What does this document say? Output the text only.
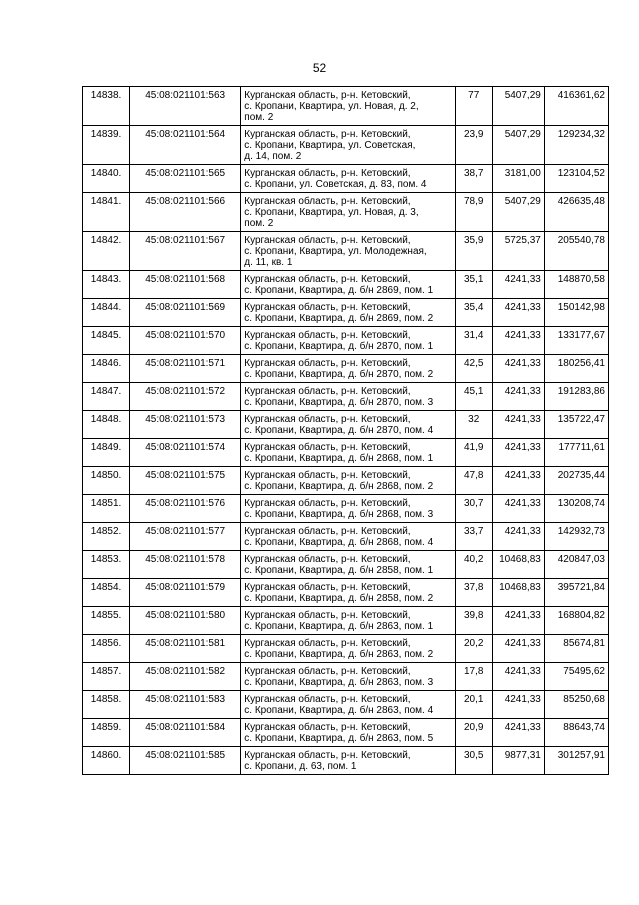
52
14838.	45:08:021101:563	Курганская область, р-н. Кетовский,
с. Кропани, Квартира, ул. Новая, д. 2,
пом. 2	77	5407,29	416361,62
14839.	45:08:021101:564	Курганская область, р-н. Кетовский,
с. Кропани, Квартира, ул. Советская,
д. 14, пом. 2	23,9	5407,29	129234,32
14840.	45:08:021101:565	Курганская область, р-н. Кетовский,
с. Кропани, ул. Советская, д. 83, пом. 4	38,7	3181,00	123104,52
14841.	45:08:021101:566	Курганская область, р-н. Кетовский,
с. Кропани, Квартира, ул. Новая, д. 3,
пом. 2	78,9	5407,29	426635,48
14842.	45:08:021101:567	Курганская область, р-н. Кетовский,
с. Кропани, Квартира, ул. Молодежная,
д. 11, кв. 1	35,9	5725,37	205540,78
14843.	45:08:021101:568	Курганская область, р-н. Кетовский,
с. Кропани, Квартира, д. б/н 2869, пом. 1	35,1	4241,33	148870,58
14844.	45:08:021101:569	Курганская область, р-н. Кетовский,
с. Кропани, Квартира, д. б/н 2869, пом. 2	35,4	4241,33	150142,98
14845.	45:08:021101:570	Курганская область, р-н. Кетовский,
с. Кропани, Квартира, д. б/н 2870, пом. 1	31,4	4241,33	133177,67
14846.	45:08:021101:571	Курганская область, р-н. Кетовский,
с. Кропани, Квартира, д. б/н 2870, пом. 2	42,5	4241,33	180256,41
14847.	45:08:021101:572	Курганская область, р-н. Кетовский,
с. Кропани, Квартира, д. б/н 2870, пом. 3	45,1	4241,33	191283,86
14848.	45:08:021101:573	Курганская область, р-н. Кетовский,
с. Кропани, Квартира, д. б/н 2870, пом. 4	32	4241,33	135722,47
14849.	45:08:021101:574	Курганская область, р-н. Кетовский,
с. Кропани, Квартира, д. б/н 2868, пом. 1	41,9	4241,33	177711,61
14850.	45:08:021101:575	Курганская область, р-н. Кетовский,
с. Кропани, Квартира, д. б/н 2868, пом. 2	47,8	4241,33	202735,44
14851.	45:08:021101:576	Курганская область, р-н. Кетовский,
с. Кропани, Квартира, д. б/н 2868, пом. 3	30,7	4241,33	130208,74
14852.	45:08:021101:577	Курганская область, р-н. Кетовский,
с. Кропани, Квартира, д. б/н 2868, пом. 4	33,7	4241,33	142932,73
14853.	45:08:021101:578	Курганская область, р-н. Кетовский,
с. Кропани, Квартира, д. б/н 2858, пом. 1	40,2	10468,83	420847,03
14854.	45:08:021101:579	Курганская область, р-н. Кетовский,
с. Кропани, Квартира, д. б/н 2858, пом. 2	37,8	10468,83	395721,84
14855.	45:08:021101:580	Курганская область, р-н. Кетовский,
с. Кропани, Квартира, д. б/н 2863, пом. 1	39,8	4241,33	168804,82
14856.	45:08:021101:581	Курганская область, р-н. Кетовский,
с. Кропани, Квартира, д. б/н 2863, пом. 2	20,2	4241,33	85674,81
14857.	45:08:021101:582	Курганская область, р-н. Кетовский,
с. Кропани, Квартира, д. б/н 2863, пом. 3	17,8	4241,33	75495,62
14858.	45:08:021101:583	Курганская область, р-н. Кетовский,
с. Кропани, Квартира, д. б/н 2863, пом. 4	20,1	4241,33	85250,68
14859.	45:08:021101:584	Курганская область, р-н. Кетовский,
с. Кропани, Квартира, д. б/н 2863, пом. 5	20,9	4241,33	88643,74
14860.	45:08:021101:585	Курганская область, р-н. Кетовский,
с. Кропани, д. 63, пом. 1	30,5	9877,31	301257,91
